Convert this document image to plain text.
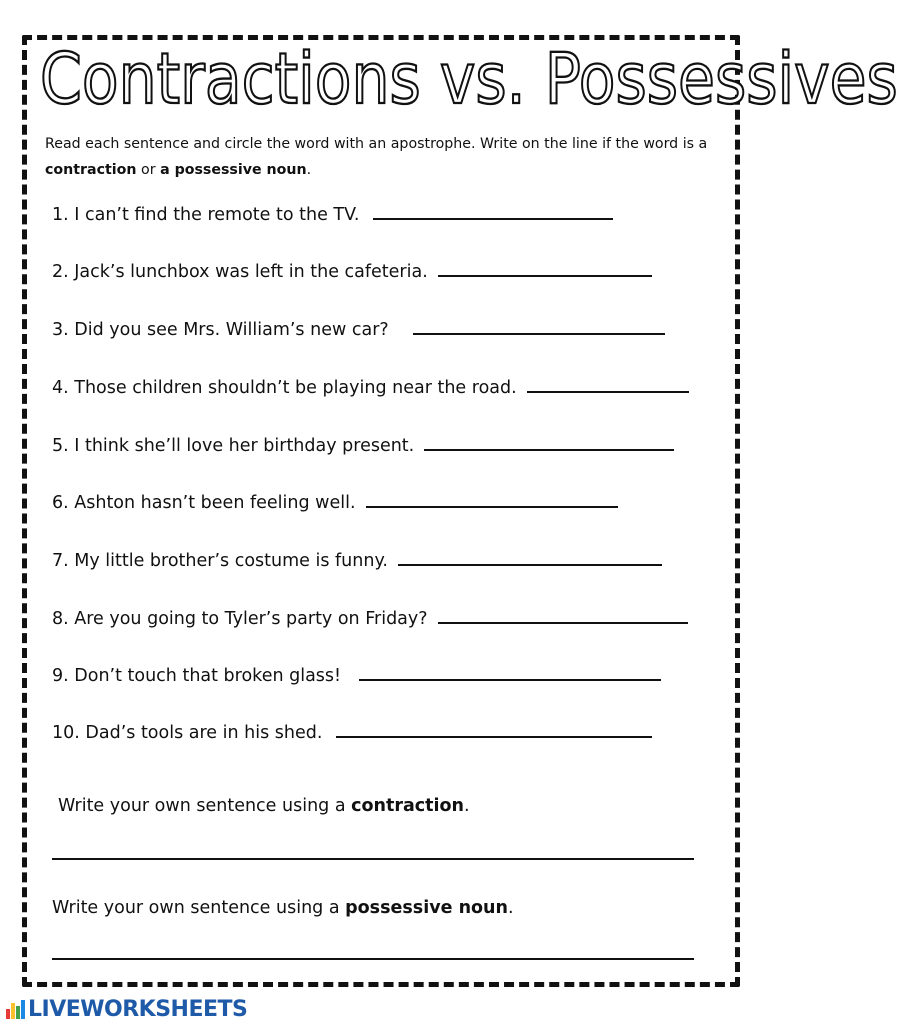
Contractions vs. Possessives
Read each sentence and circle the word with an apostrophe. Write on the line if the word is a contraction or a possessive noun.
1. I can’t find the remote to the TV.
2. Jack’s lunchbox was left in the cafeteria.
3. Did you see Mrs. William’s new car?
4. Those children shouldn’t be playing near the road.
5. I think she’ll love her birthday present.
6. Ashton hasn’t been feeling well.
7. My little brother’s costume is funny.
8. Are you going to Tyler’s party on Friday?
9. Don’t touch that broken glass!
10. Dad’s tools are in his shed.
Write your own sentence using a contraction.
Write your own sentence using a possessive noun.
LIVEWORKSHEETS
